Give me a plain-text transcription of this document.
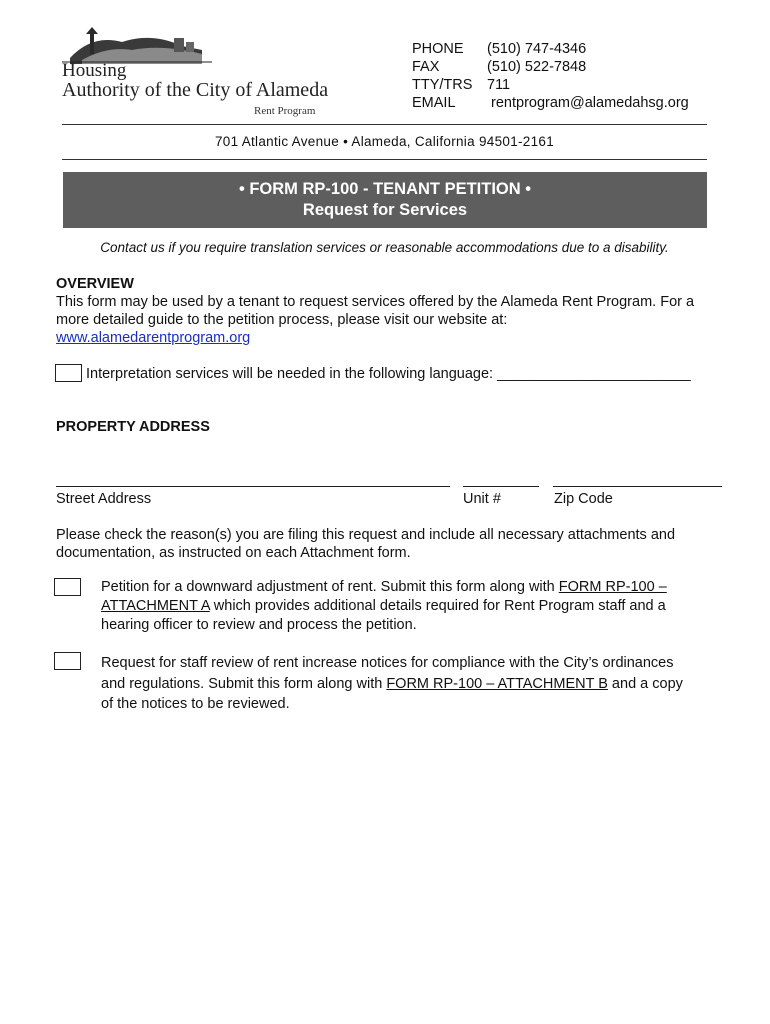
Housing
Authority of the City of Alameda
Rent Program
PHONE	(510) 747-4346
FAX	(510) 522-7848
TTY/TRS	711
EMAIL	rentprogram@alamedahsg.org
701 Atlantic Avenue • Alameda, California 94501-2161
• FORM RP-100 - TENANT PETITION •
Request for Services
Contact us if you require translation services or reasonable accommodations due to a disability.
OVERVIEW
This form may be used by a tenant to request services offered by the Alameda Rent Program. For a
more detailed guide to the petition process, please visit our website at:
www.alamedarentprogram.org
Interpretation services will be needed in the following language: ________________________
PROPERTY ADDRESS
Street Address	Unit #	Zip Code
Please check the reason(s) you are filing this request and include all necessary attachments and
documentation, as instructed on each Attachment form.
Petition for a downward adjustment of rent. Submit this form along with FORM RP-100 –
ATTACHMENT A which provides additional details required for Rent Program staff and a
hearing officer to review and process the petition.
Request for staff review of rent increase notices for compliance with the City’s ordinances
and regulations. Submit this form along with FORM RP-100 – ATTACHMENT B and a copy
of the notices to be reviewed.
